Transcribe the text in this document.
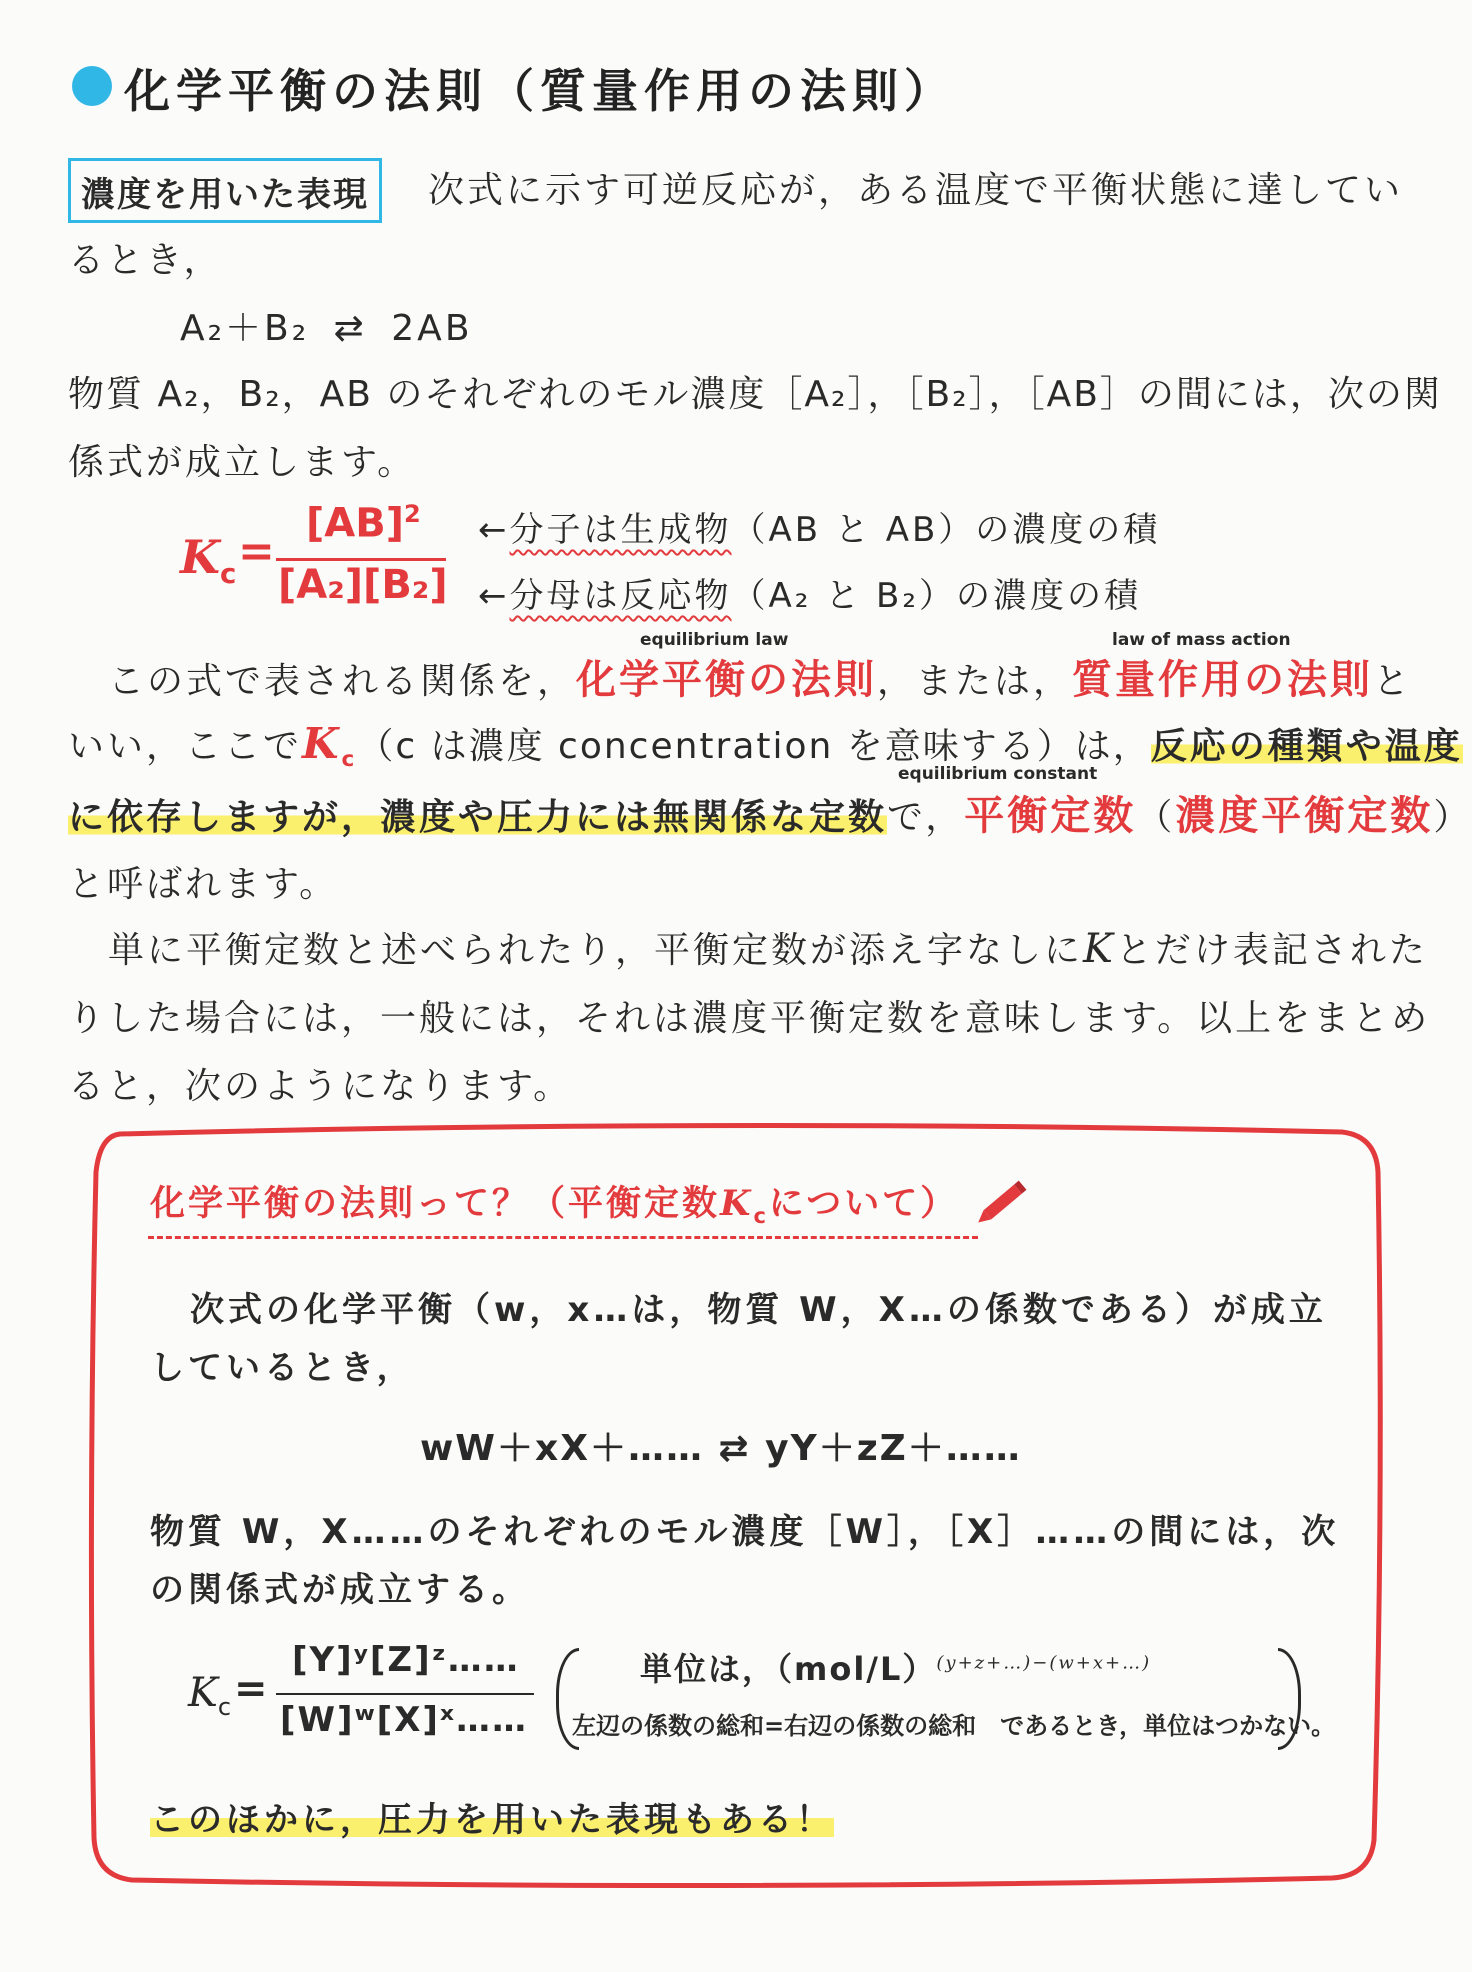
化学平衡の法則（質量作用の法則）
濃度を用いた表現	次式に示す可逆反応が，ある温度で平衡状態に達してい
るとき，
A₂＋B₂ ⇄ 2AB
物質 A₂，B₂，AB のそれぞれのモル濃度［A₂］，［B₂］，［AB］の間には，次の関
係式が成立します。
$K_c$ =
[AB]$^2$
[A₂][B₂]
←分子は生成物（AB と AB）の濃度の積
←分母は反応物（A₂ と B₂）の濃度の積
equilibrium law	law of mass action
equilibrium constant
この式で表される関係を，化学平衡の法則，または，質量作用の法則と
いい，ここで$K_c(c$ は濃度 concentration を意味する）は，反応の種類や温度
に依存しますが，濃度や圧力には無関係な定数で，平衡定数（濃度平衡定数）
と呼ばれます。
単に平衡定数と述べられたり，平衡定数が添え字なしにKとだけ表記された
りした場合には，一般には，それは濃度平衡定数を意味します。以上をまとめ
ると，次のようになります。
化学平衡の法則って？（平衡定数$K_c$について）
次式の化学平衡（w，x…は，物質 W，X…の係数である）が成立
しているとき，
wW＋xX＋…… ⇄ yY＋zZ＋……
物質 W，X……のそれぞれのモル濃度［W］，［X］……の間には，次
の関係式が成立する。
$K_c$ =
[Y]ʸ[Z]ᶻ……
[W]ʷ[X]ˣ……
単位は，$(mol/L)^{(y+z+\dots)-(w+x+\dots)}$
左辺の係数の総和=右辺の係数の総和　であるとき，単位はつかない。
このほかに，圧力を用いた表現もある！
